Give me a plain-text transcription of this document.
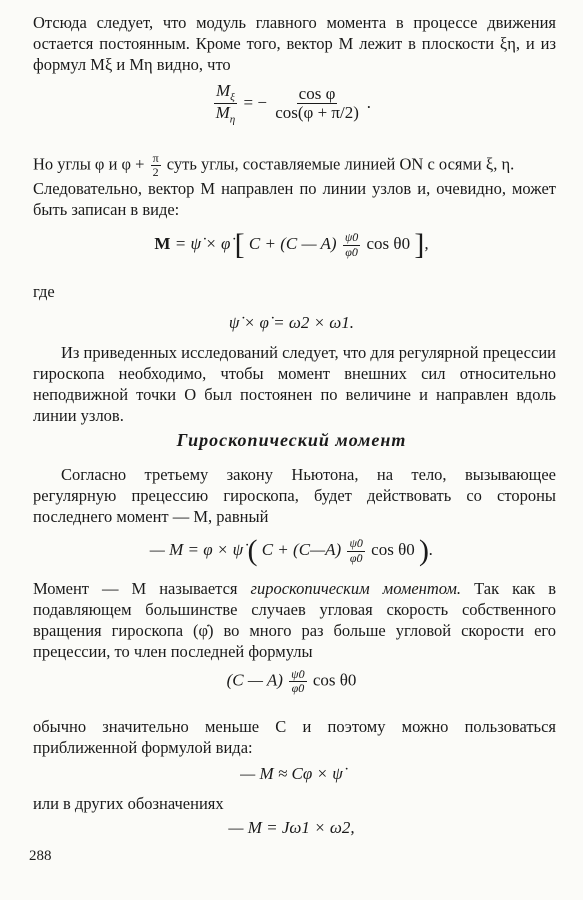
Отсюда следует, что модуль главного момента в процессе движения остается постоянным. Кроме того, вектор M лежит в плоскости ξη, и из формул Mξ и Mη видно, что

$\frac{M_\xi}{M_\eta}$ = − $\frac{\text{cos φ}}{\cos(\varphi + \pi/2)}$ .

Но углы φ и $\varphi + \frac{\pi}{2}$ суть углы, составляемые линией ON с осями ξ, η.

Следовательно, вектор M направлен по линии узлов и, очевидно, может быть записан в виде:

M = ψ̇ × φ̇ [ C + (C — $A) \frac{\psi̇0}{\varphi̇0}$ cos θ0 ],

где

ψ̇ × φ̇ = ω2 × ω1.

Из приведенных исследований следует, что для регулярной прецессии гироскопа необходимо, чтобы момент внешних сил относительно неподвижной точки O был постоянен по величине и направлен вдоль линии узлов.

Гироскопический момент

Согласно третьему закону Ньютона, на тело, вызывающее регулярную прецессию гироскопа, будет действовать со стороны последнего момент — M, равный

— M = φ × ψ̇ ( C + (C—A) $\frac{\psi̇0}{\varphi̇0}$ cos θ0 ).

Момент — M называется гироскопическим моментом. Так как в подавляющем большинстве случаев угловая скорость собственного вращения гироскопа (φ̇) во много раз больше угловой скорости его прецессии, то член последней формулы

(C — $A) \frac{\psi̇0}{\varphi̇0}$ cos θ0

обычно значительно меньше C и поэтому можно пользоваться приближенной формулой вида:

— M ≈ Cφ × ψ̇

или в других обозначениях

— M = Jω1 × ω2,
288
